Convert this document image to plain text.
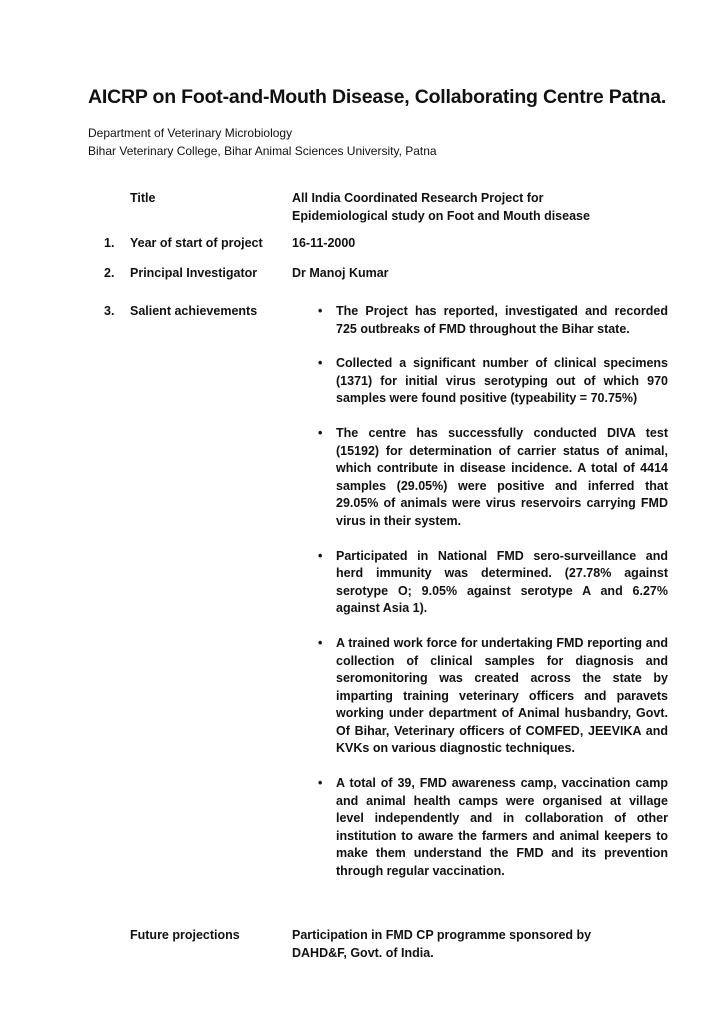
AICRP on Foot-and-Mouth Disease, Collaborating Centre Patna.
Department of Veterinary Microbiology
Bihar Veterinary College, Bihar Animal Sciences University, Patna
Title	All India Coordinated Research Project for Epidemiological study on Foot and Mouth disease
1.	Year of start of project 16-11-2000
2.	Principal Investigator	Dr Manoj Kumar
3.	Salient achievements	• The Project has reported, investigated and recorded 725 outbreaks of FMD throughout the Bihar state.
• Collected a significant number of clinical specimens (1371) for initial virus serotyping out of which 970 samples were found positive (typeability = 70.75%)
• The centre has successfully conducted DIVA test (15192) for determination of carrier status of animal, which contribute in disease incidence. A total of 4414 samples (29.05%) were positive and inferred that 29.05% of animals were virus reservoirs carrying FMD virus in their system.
• Participated in National FMD sero-surveillance and herd immunity was determined. (27.78% against serotype O; 9.05% against serotype A and 6.27% against Asia 1).
• A trained work force for undertaking FMD reporting and collection of clinical samples for diagnosis and seromonitoring was created across the state by imparting training veterinary officers and paravets working under department of Animal husbandry, Govt. Of Bihar, Veterinary officers of COMFED, JEEVIKA and KVKs on various diagnostic techniques.
• A total of 39, FMD awareness camp, vaccination camp and animal health camps were organised at village level independently and in collaboration of other institution to aware the farmers and animal keepers to make them understand the FMD and its prevention through regular vaccination.
Future projections	Participation in FMD CP programme sponsored by DAHD&F, Govt. of India.
